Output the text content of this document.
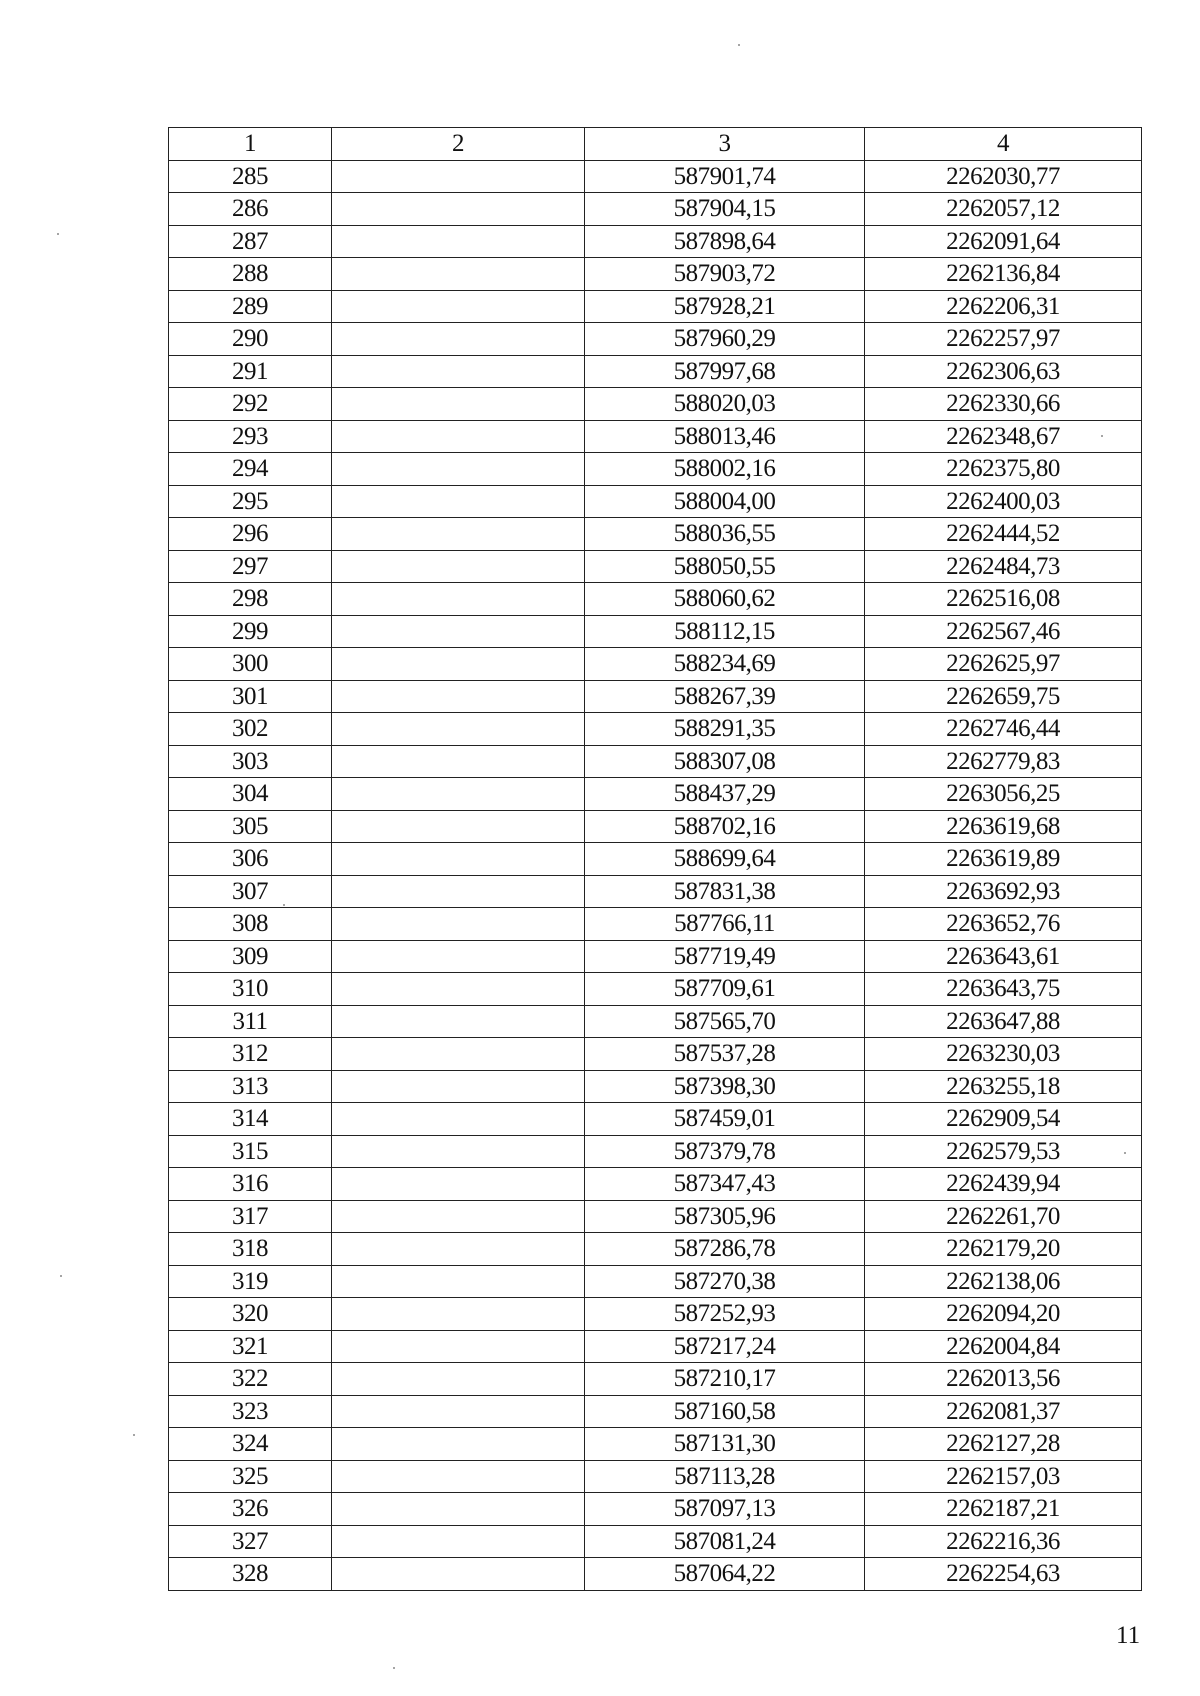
1	2	3	4
285		587901,74	2262030,77
286		587904,15	2262057,12
287		587898,64	2262091,64
288		587903,72	2262136,84
289		587928,21	2262206,31
290		587960,29	2262257,97
291		587997,68	2262306,63
292		588020,03	2262330,66
293		588013,46	2262348,67
294		588002,16	2262375,80
295		588004,00	2262400,03
296		588036,55	2262444,52
297		588050,55	2262484,73
298		588060,62	2262516,08
299		588112,15	2262567,46
300		588234,69	2262625,97
301		588267,39	2262659,75
302		588291,35	2262746,44
303		588307,08	2262779,83
304		588437,29	2263056,25
305		588702,16	2263619,68
306		588699,64	2263619,89
307		587831,38	2263692,93
308		587766,11	2263652,76
309		587719,49	2263643,61
310		587709,61	2263643,75
311		587565,70	2263647,88
312		587537,28	2263230,03
313		587398,30	2263255,18
314		587459,01	2262909,54
315		587379,78	2262579,53
316		587347,43	2262439,94
317		587305,96	2262261,70
318		587286,78	2262179,20
319		587270,38	2262138,06
320		587252,93	2262094,20
321		587217,24	2262004,84
322		587210,17	2262013,56
323		587160,58	2262081,37
324		587131,30	2262127,28
325		587113,28	2262157,03
326		587097,13	2262187,21
327		587081,24	2262216,36
328		587064,22	2262254,63
11
